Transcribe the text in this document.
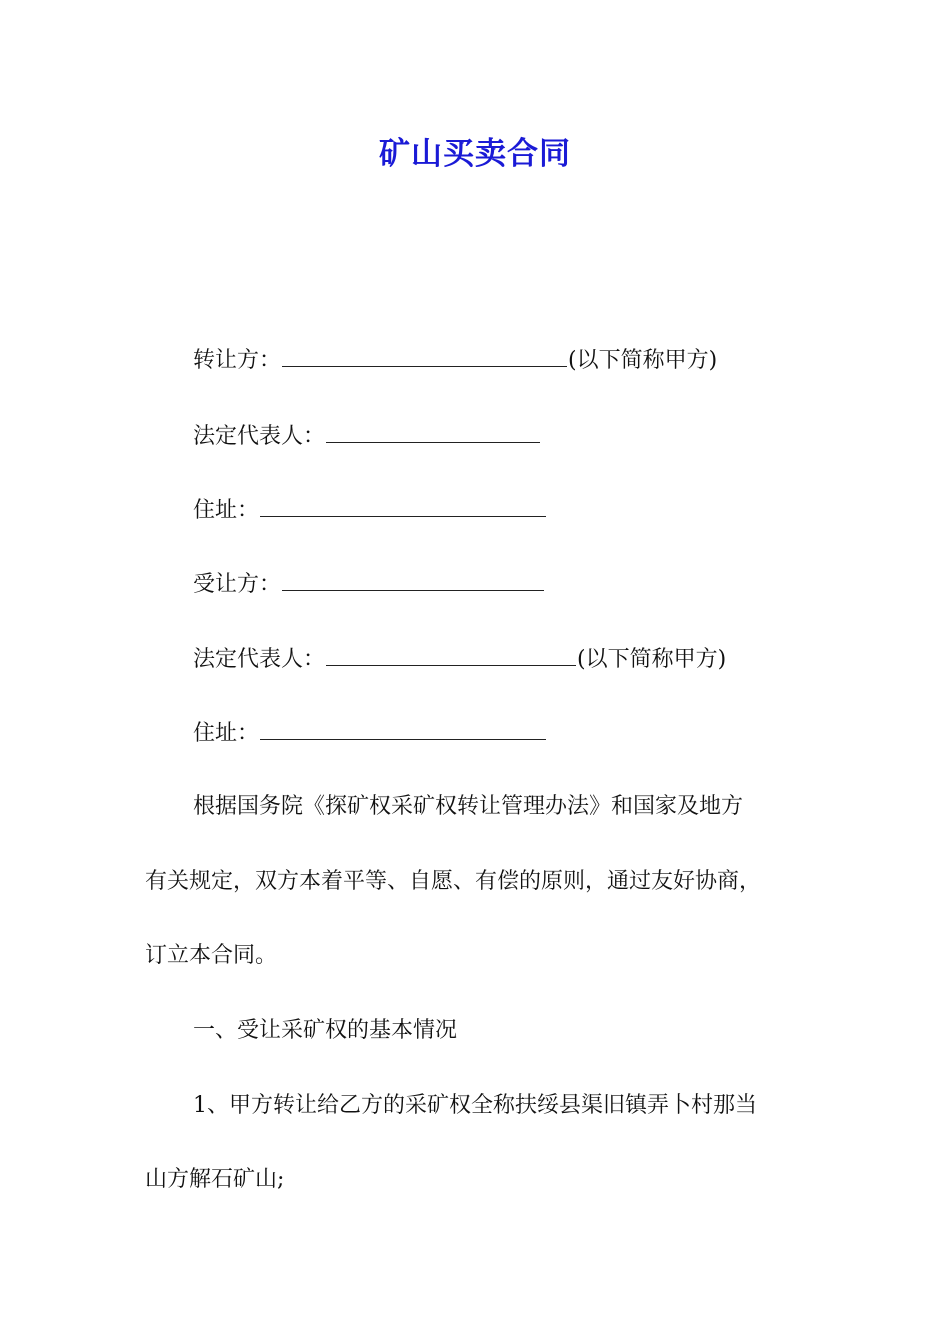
矿山买卖合同
转让方：	(以下简称甲方)
法定代表人：
住址：
受让方：
法定代表人：	(以下简称甲方)
住址：
根据国务院《探矿权采矿权转让管理办法》和国家及地方
有关规定，双方本着平等、自愿、有偿的原则，通过友好协商，
订立本合同。
一、受让采矿权的基本情况
1、甲方转让给乙方的采矿权全称扶绥县渠旧镇弄卜村那当
山方解石矿山;
